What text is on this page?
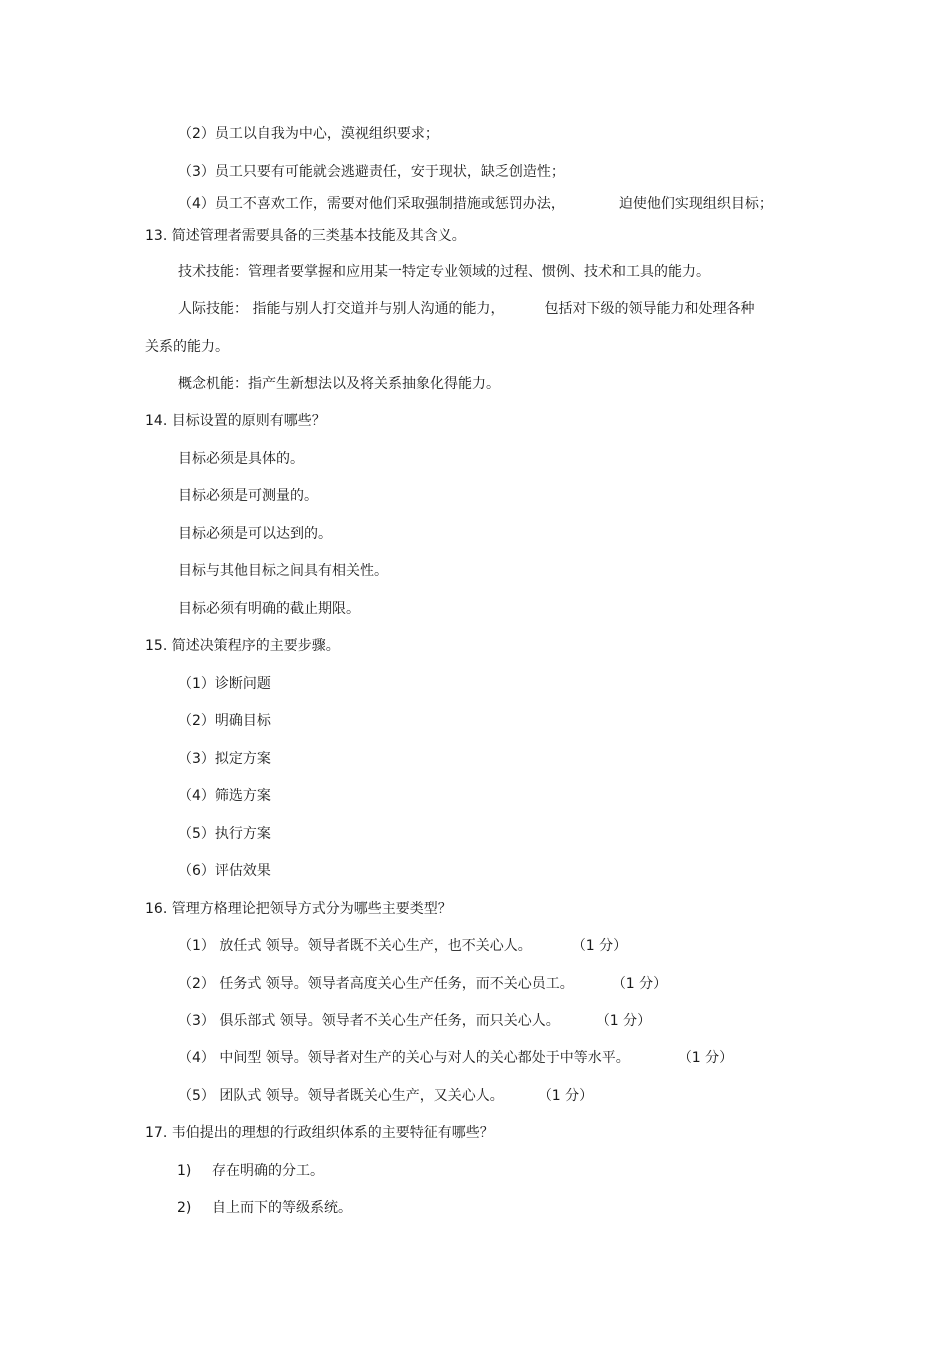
（2）员工以自我为中心，漠视组织要求；
（3）员工只要有可能就会逃避责任，安于现状，缺乏创造性；
（4）员工不喜欢工作，需要对他们采取强制措施或惩罚办法，	迫使他们实现组织目标；
13. 简述管理者需要具备的三类基本技能及其含义。
技术技能：管理者要掌握和应用某一特定专业领域的过程、惯例、技术和工具的能力。
人际技能： 指能与别人打交道并与别人沟通的能力，	包括对下级的领导能力和处理各种
关系的能力。
概念机能：指产生新想法以及将关系抽象化得能力。
14. 目标设置的原则有哪些？
目标必须是具体的。
目标必须是可测量的。
目标必须是可以达到的。
目标与其他目标之间具有相关性。
目标必须有明确的截止期限。
15. 简述决策程序的主要步骤。
（1）诊断问题
（2）明确目标
（3）拟定方案
（4）筛选方案
（5）执行方案
（6）评估效果
16. 管理方格理论把领导方式分为哪些主要类型？
（1） 放任式 领导。领导者既不关心生产，也不关心人。	（1 分）
（2） 任务式 领导。领导者高度关心生产任务，而不关心员工。	（1 分）
（3） 俱乐部式 领导。领导者不关心生产任务，而只关心人。	（1 分）
（4） 中间型 领导。领导者对生产的关心与对人的关心都处于中等水平。	（1 分）
（5） 团队式 领导。领导者既关心生产，又关心人。 （1 分）
17. 韦伯提出的理想的行政组织体系的主要特征有哪些？
1) 存在明确的分工。
2) 自上而下的等级系统。
